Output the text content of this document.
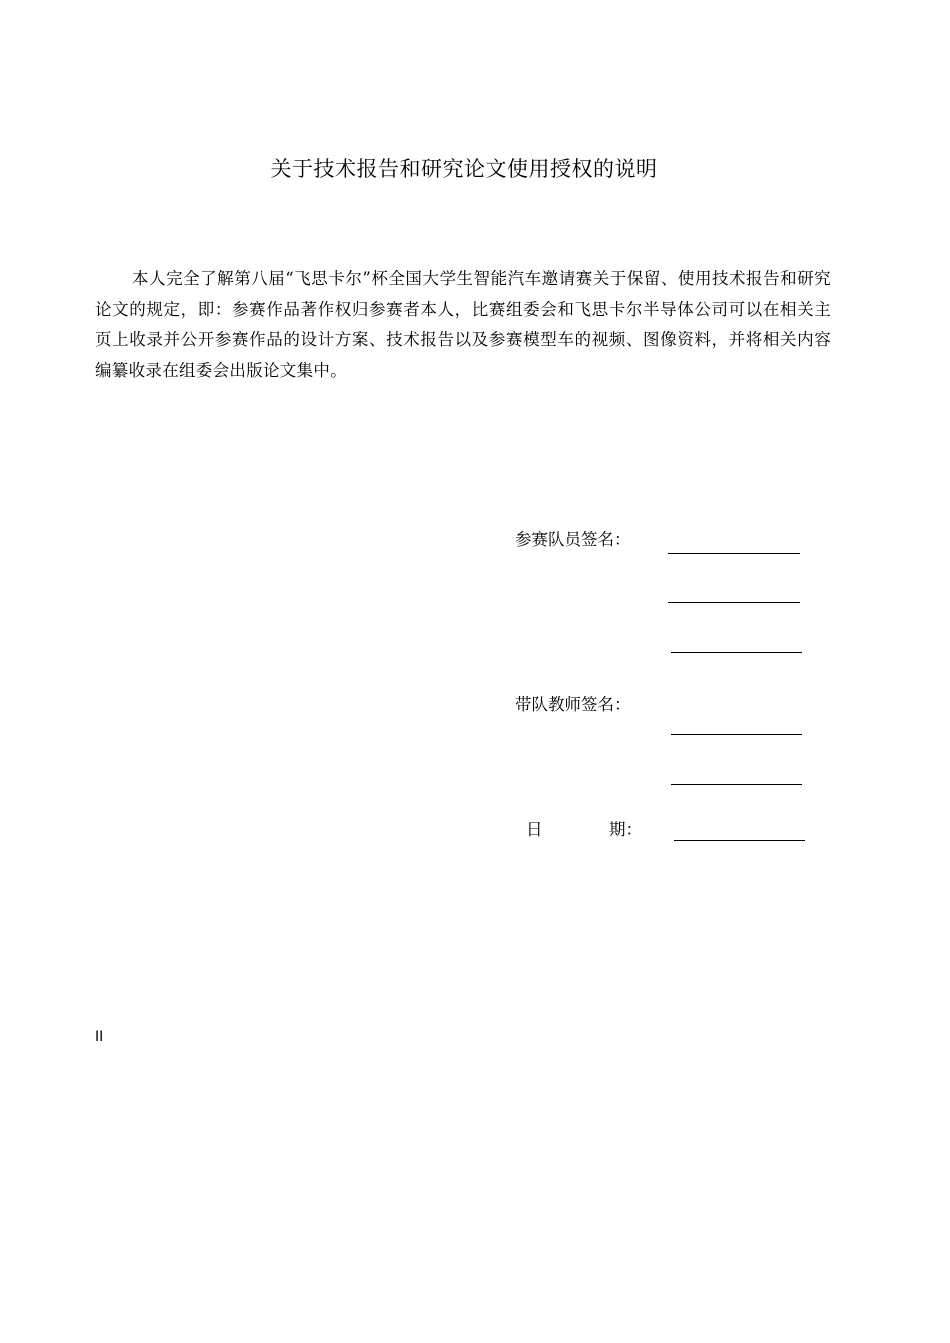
关于技术报告和研究论文使用授权的说明
本人完全了解第八届“飞思卡尔”杯全国大学生智能汽车邀请赛关于保留、使用技术报告和研究论文的规定，即：参赛作品著作权归参赛者本人，比赛组委会和飞思卡尔半导体公司可以在相关主页上收录并公开参赛作品的设计方案、技术报告以及参赛模型车的视频、图像资料，并将相关内容编纂收录在组委会出版论文集中。
参赛队员签名：
带队教师签名：
日	期：
II
